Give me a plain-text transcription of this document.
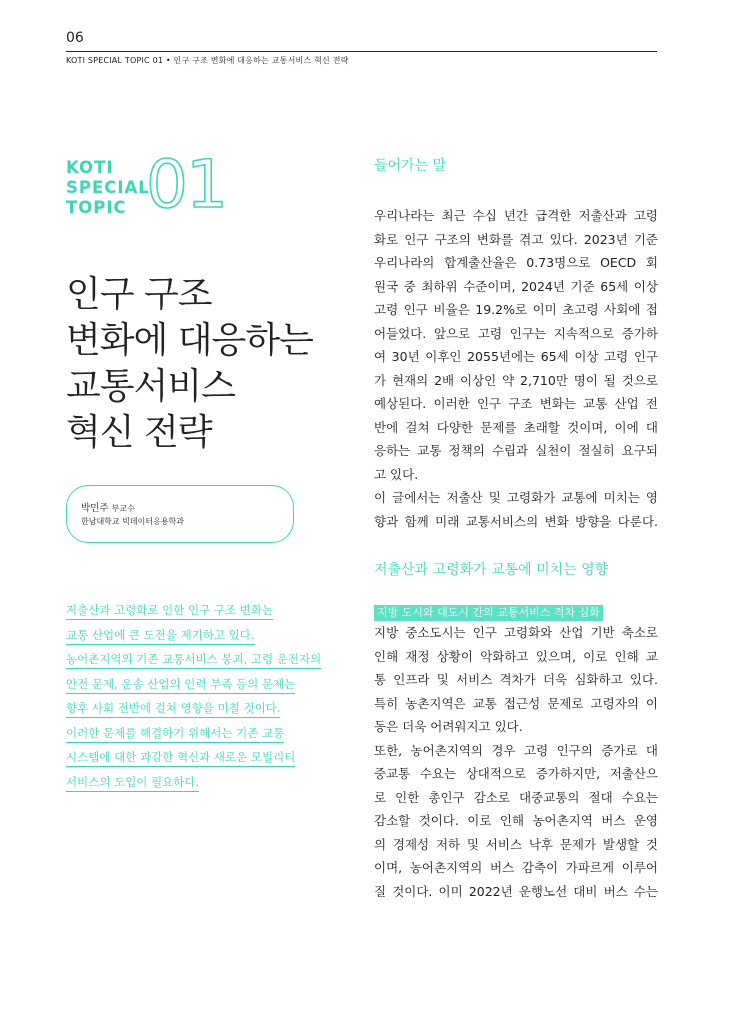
06
KOTI SPECIAL TOPIC 01 • 인구 구조 변화에 대응하는 교통서비스 혁신 전략
KOTI
SPECIAL
TOPIC 01
인구 구조
변화에 대응하는
교통서비스
혁신 전략
박민주 부교수
한남대학교 빅데이터응용학과
저출산과 고령화로 인한 인구 구조 변화는
교통 산업에 큰 도전을 제기하고 있다.
농어촌지역의 기존 교통서비스 붕괴, 고령 운전자의
안전 문제, 운송 산업의 인력 부족 등의 문제는
향후 사회 전반에 걸쳐 영향을 미칠 것이다.
이러한 문제를 해결하기 위해서는 기존 교통
시스템에 대한 과감한 혁신과 새로운 모빌리티
서비스의 도입이 필요하다.
들어가는 말
우리나라는 최근 수십 년간 급격한 저출산과 고령
화로 인구 구조의 변화를 겪고 있다. 2023년 기준
우리나라의 합계출산율은 0.73명으로 OECD 회
원국 중 최하위 수준이며, 2024년 기준 65세 이상
고령 인구 비율은 19.2%로 이미 초고령 사회에 접
어들었다. 앞으로 고령 인구는 지속적으로 증가하
여 30년 이후인 2055년에는 65세 이상 고령 인구
가 현재의 2배 이상인 약 2,710만 명이 될 것으로
예상된다. 이러한 인구 구조 변화는 교통 산업 전
반에 걸쳐 다양한 문제를 초래할 것이며, 이에 대
응하는 교통 정책의 수립과 실천이 절실히 요구되
고 있다.
이 글에서는 저출산 및 고령화가 교통에 미치는 영
향과 함께 미래 교통서비스의 변화 방향을 다룬다.
저출산과 고령화가 교통에 미치는 영향
지방 도시와 대도시 간의 교통서비스 격차 심화
지방 중소도시는 인구 고령화와 산업 기반 축소로
인해 재정 상황이 악화하고 있으며, 이로 인해 교
통 인프라 및 서비스 격차가 더욱 심화하고 있다.
특히 농촌지역은 교통 접근성 문제로 고령자의 이
동은 더욱 어려워지고 있다.
또한, 농어촌지역의 경우 고령 인구의 증가로 대
중교통 수요는 상대적으로 증가하지만, 저출산으
로 인한 총인구 감소로 대중교통의 절대 수요는
감소할 것이다. 이로 인해 농어촌지역 버스 운영
의 경제성 저하 및 서비스 낙후 문제가 발생할 것
이며, 농어촌지역의 버스 감축이 가파르게 이루어
질 것이다. 이미 2022년 운행노선 대비 버스 수는
